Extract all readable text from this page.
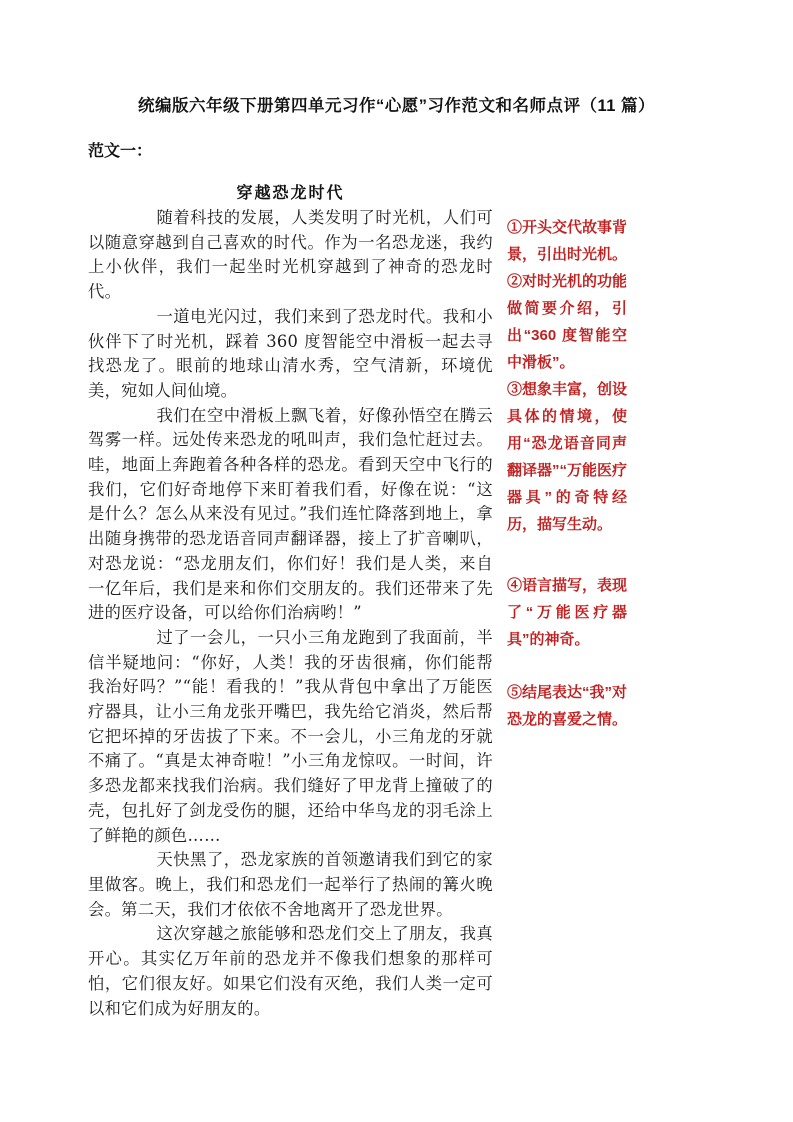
统编版六年级下册第四单元习作“心愿”习作范文和名师点评（11 篇）
范文一：
穿越恐龙时代

随着科技的发展，人类发明了时光机，人们可以随意穿越到自己喜欢的时代。作为一名恐龙迷，我约上小伙伴，我们一起坐时光机穿越到了神奇的恐龙时代。

一道电光闪过，我们来到了恐龙时代。我和小伙伴下了时光机，踩着 360 度智能空中滑板一起去寻找恐龙了。眼前的地球山清水秀，空气清新，环境优美，宛如人间仙境。

我们在空中滑板上飘飞着，好像孙悟空在腾云驾雾一样。远处传来恐龙的吼叫声，我们急忙赶过去。哇，地面上奔跑着各种各样的恐龙。看到天空中飞行的我们，它们好奇地停下来盯着我们看，好像在说：“这是什么？怎么从来没有见过。”我们连忙降落到地上，拿出随身携带的恐龙语音同声翻译器，接上了扩音喇叭，对恐龙说：“恐龙朋友们，你们好！我们是人类，来自一亿年后，我们是来和你们交朋友的。我们还带来了先进的医疗设备，可以给你们治病哟！”

过了一会儿，一只小三角龙跑到了我面前，半信半疑地问：“你好，人类！我的牙齿很痛，你们能帮我治好吗？”“能！看我的！”我从背包中拿出了万能医疗器具，让小三角龙张开嘴巴，我先给它消炎，然后帮它把坏掉的牙齿拔了下来。不一会儿，小三角龙的牙就不痛了。“真是太神奇啦！”小三角龙惊叹。一时间，许多恐龙都来找我们治病。我们缝好了甲龙背上撞破了的壳，包扎好了剑龙受伤的腿，还给中华鸟龙的羽毛涂上了鲜艳的颜色……

天快黑了，恐龙家族的首领邀请我们到它的家里做客。晚上，我们和恐龙们一起举行了热闹的篝火晚会。第二天，我们才依依不舍地离开了恐龙世界。

这次穿越之旅能够和恐龙们交上了朋友，我真开心。其实亿万年前的恐龙并不像我们想象的那样可怕，它们很友好。如果它们没有灭绝，我们人类一定可以和它们成为好朋友的。

①开头交代故事背景，引出时光机。
②对时光机的功能做简要介绍，引出“360 度智能空中滑板”。
③想象丰富，创设具体的情境，使用“恐龙语音同声翻译器”“万能医疗器具”的奇特经历，描写生动。
④语言描写，表现了“万能医疗器具”的神奇。
⑤结尾表达“我”对恐龙的喜爱之情。
